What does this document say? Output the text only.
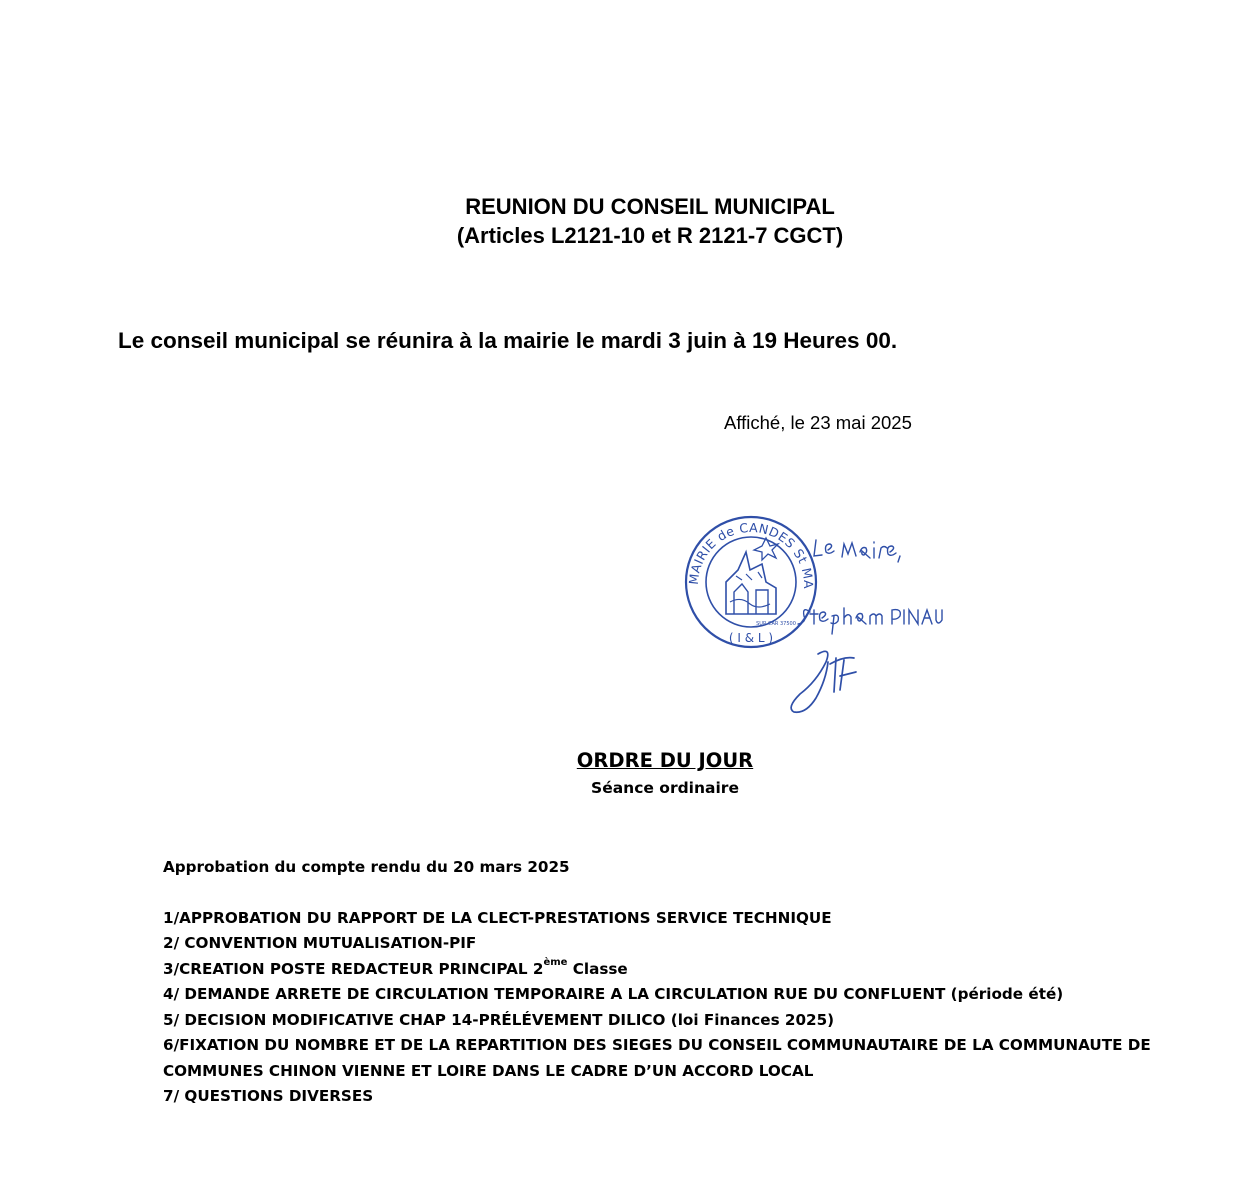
REUNION DU CONSEIL MUNICIPAL
(Articles L2121-10 et R 2121-7 CGCT)
Le conseil municipal se réunira à la mairie le mardi 3 juin à 19 Heures 00.
Affiché, le 23 mai 2025
MAIRIE de CANDES St MA
( I & L )
SUR CAR 37500
ORDRE DU JOUR
Séance ordinaire
Approbation du compte rendu du 20 mars 2025
1/APPROBATION DU RAPPORT DE LA CLECT-PRESTATIONS SERVICE TECHNIQUE
2/ CONVENTION MUTUALISATION-PIF
3/CREATION POSTE REDACTEUR PRINCIPAL 2ème Classe
4/ DEMANDE ARRETE DE CIRCULATION TEMPORAIRE A LA CIRCULATION RUE DU CONFLUENT (période été)
5/ DECISION MODIFICATIVE CHAP 14-PRÉLÉVEMENT DILICO (loi Finances 2025)
6/FIXATION DU NOMBRE ET DE LA REPARTITION DES SIEGES DU CONSEIL COMMUNAUTAIRE DE LA COMMUNAUTE DE COMMUNES CHINON VIENNE ET LOIRE DANS LE CADRE D’UN ACCORD LOCAL
7/ QUESTIONS DIVERSES
